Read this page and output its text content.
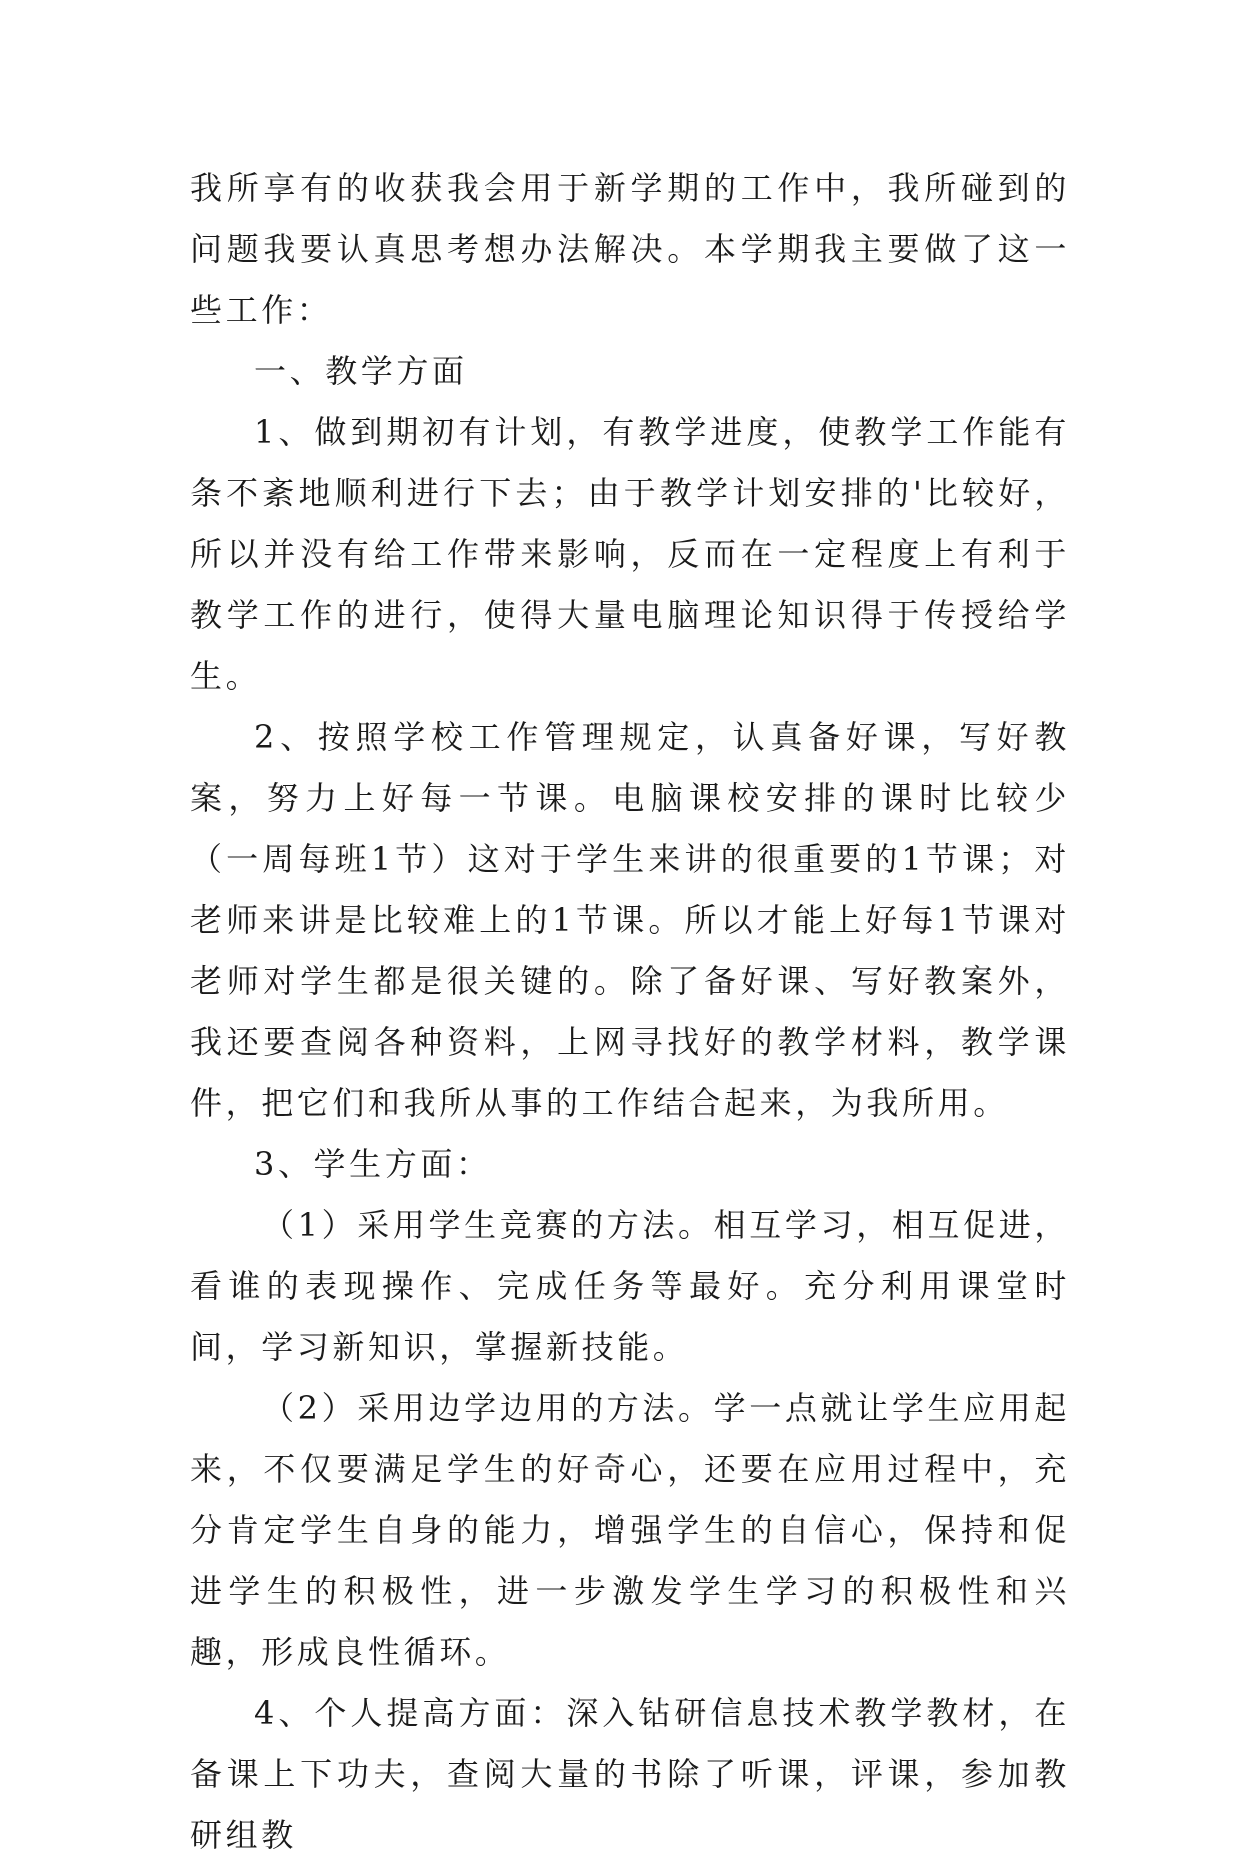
我所享有的收获我会用于新学期的工作中，我所碰到的问题我要认真思考想办法解决。本学期我主要做了这一些工作：

一、教学方面

1、做到期初有计划，有教学进度，使教学工作能有条不紊地顺利进行下去；由于教学计划安排的'比较好，所以并没有给工作带来影响，反而在一定程度上有利于教学工作的进行，使得大量电脑理论知识得于传授给学生。

2、按照学校工作管理规定，认真备好课，写好教案，努力上好每一节课。电脑课校安排的课时比较少（一周每班1节）这对于学生来讲的很重要的1节课；对老师来讲是比较难上的1节课。所以才能上好每1节课对老师对学生都是很关键的。除了备好课、写好教案外，我还要查阅各种资料，上网寻找好的教学材料，教学课件，把它们和我所从事的工作结合起来，为我所用。

3、学生方面：

（1）采用学生竞赛的方法。相互学习，相互促进，看谁的表现操作、完成任务等最好。充分利用课堂时间，学习新知识，掌握新技能。

（2）采用边学边用的方法。学一点就让学生应用起来，不仅要满足学生的好奇心，还要在应用过程中，充分肯定学生自身的能力，增强学生的自信心，保持和促进学生的积极性，进一步激发学生学习的积极性和兴趣，形成良性循环。

4、个人提高方面：深入钻研信息技术教学教材，在备课上下功夫，查阅大量的书除了听课，评课，参加教研组教
